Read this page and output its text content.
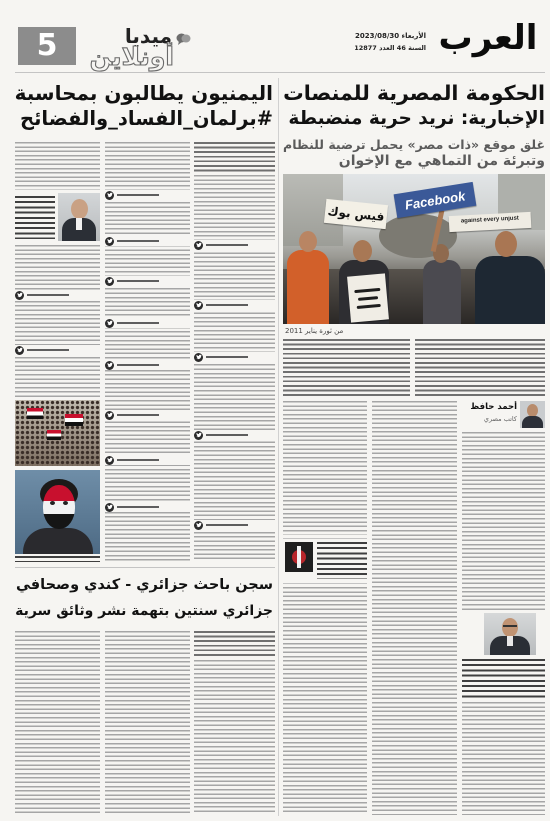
5	ميديا
أونلاين
الأربعاء 2023/08/30
السنة 46 العدد 12877 العرب
الحكومة المصرية للمنصات
الإخبارية: نريد حرية منضبطة
غلق موقع «ذات مصر» يحمل ترضية للنظام
وتبرئة من التماهي مع الإخوان
Facebook
فيس بوك	against every unjust
من ثورة يناير 2011
أحمد حافظ
كاتب مصري
اليمنيون يطالبون بمحاسبة
#برلمان_الفساد_والفضائح
سجن باحث جزائري - كندي وصحافي
جزائري سنتين بتهمة نشر وثائق سرية
